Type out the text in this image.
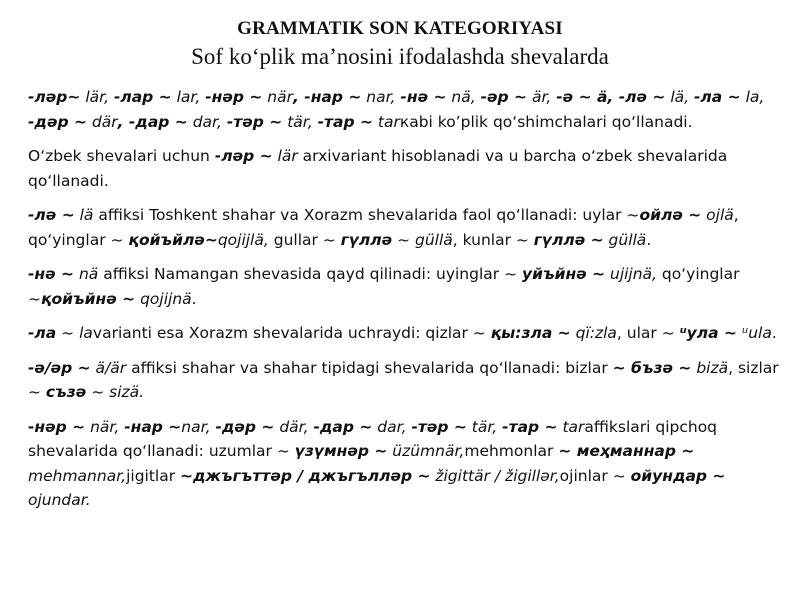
GRAMMATIK SON KATEGORIYASI
Sof ko‘plik ma’nosini ifodalashda shevalarda

-ләр~ lär, -лар ~ lar, -нәр ~ när, -нар ~ nar, -нә ~ nä, -әр ~ är, -ә ~ ä, -лә ~ lä, -ла ~ la, -дәр ~ där, -дар ~ dar, -тәр ~ tär, -тар ~ tarкabi ko’plik qo‘shimchalari qo‘llanadi.

O‘zbek shevalari uchun -ләр ~ lär arxivariant hisoblanadi va u barcha o‘zbek shevalarida qo‘llanadi.

-лә ~ lä affiksi Toshkent shahar va Xorazm shevalarida faol qo‘llanadi: uylar ~ойлә ~ ojlä, qo‘yinglar ~ қойъйлә~qojijlä, gullar ~ гүллә ~ güllä, kunlar ~ гүллә ~ güllä.

-нә ~ nä affiksi Namangan shevasida qayd qilinadi: uyinglar ~ уйъйнә ~ ujijnä, qo‘yinglar ~қойъйнә ~ qojijnä.

-ла ~ lavarianti esa Xorazm shevalarida uchraydi: qizlar ~ қы:зла ~ qï:zla, ular ~ ᵘула ~ ᵘula.

-ә/әр ~ ä/är affiksi shahar va shahar tipidagi shevalarida qo‘llanadi: bizlar ~ бъзә ~ bizä, sizlar ~ съзә ~ sizä.

-нәр ~ när, -нар ~nar, -дәр ~ där, -дар ~ dar, -тәр ~ tär, -тар ~ taraffikslari qipchoq shevalarida qo‘llanadi: uzumlar ~ үзүмнәр ~ üzümnär,mehmonlar ~ меҳманнар ~ mehmannar,jigitlar ~джъгъттәр / джъгълләр ~ žigittär / žigillər,ojinlar ~ ойундар ~ ojundar.
